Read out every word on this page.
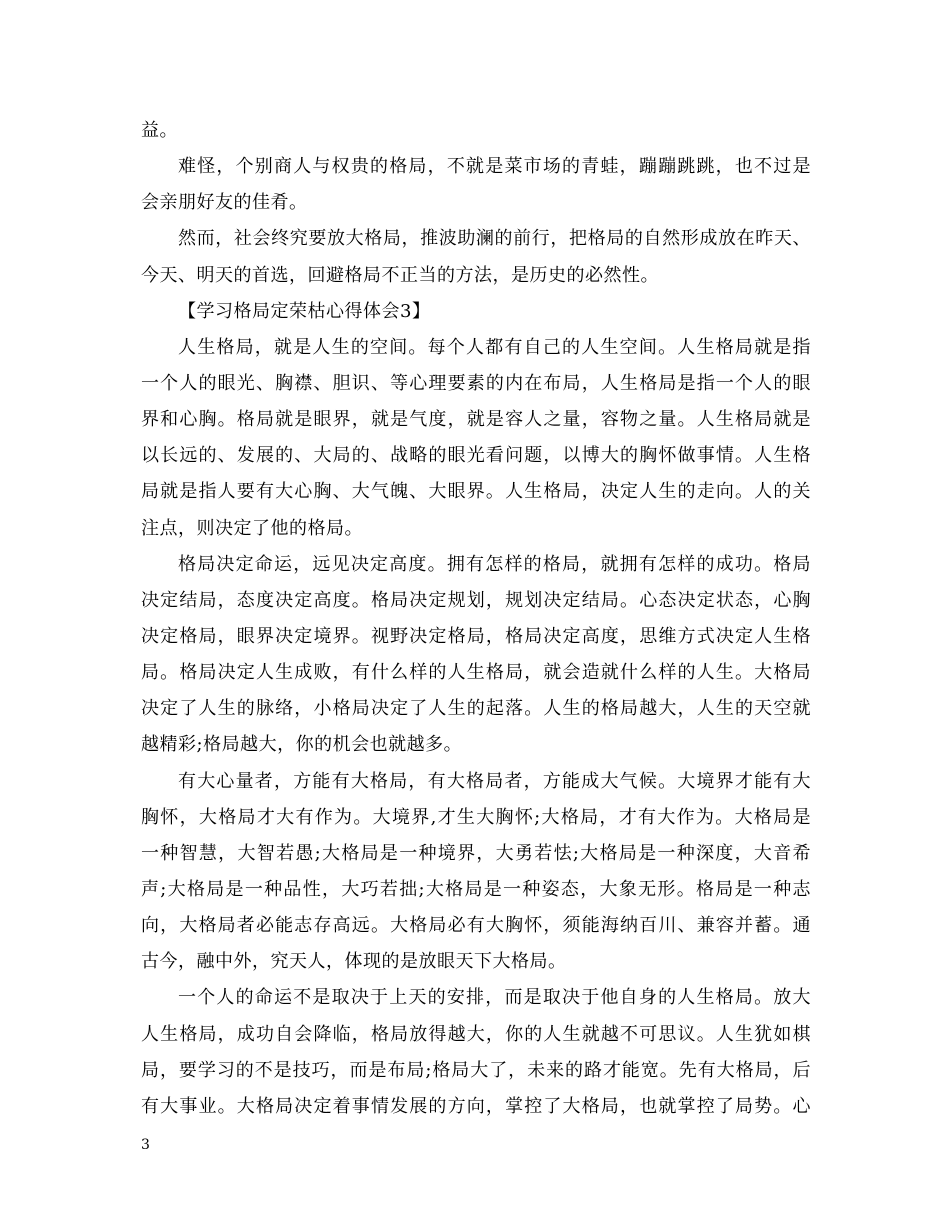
益。
难怪，个别商人与权贵的格局，不就是菜市场的青蛙，蹦蹦跳跳，也不过是
会亲朋好友的佳肴。
然而，社会终究要放大格局，推波助澜的前行，把格局的自然形成放在昨天、
今天、明天的首选，回避格局不正当的方法，是历史的必然性。
【学习格局定荣枯心得体会3】
人生格局，就是人生的空间。每个人都有自己的人生空间。人生格局就是指
一个人的眼光、胸襟、胆识、等心理要素的内在布局，人生格局是指一个人的眼
界和心胸。格局就是眼界，就是气度，就是容人之量，容物之量。人生格局就是
以长远的、发展的、大局的、战略的眼光看问题，以博大的胸怀做事情。人生格
局就是指人要有大心胸、大气魄、大眼界。人生格局，决定人生的走向。人的关
注点，则决定了他的格局。
格局决定命运，远见决定高度。拥有怎样的格局，就拥有怎样的成功。格局
决定结局，态度决定高度。格局决定规划，规划决定结局。心态决定状态，心胸
决定格局，眼界决定境界。视野决定格局，格局决定高度，思维方式决定人生格
局。格局决定人生成败，有什么样的人生格局，就会造就什么样的人生。大格局
决定了人生的脉络，小格局决定了人生的起落。人生的格局越大，人生的天空就
越精彩;格局越大，你的机会也就越多。
有大心量者，方能有大格局，有大格局者，方能成大气候。大境界才能有大
胸怀，大格局才大有作为。大境界,才生大胸怀;大格局，才有大作为。大格局是
一种智慧，大智若愚;大格局是一种境界，大勇若怯;大格局是一种深度，大音希
声;大格局是一种品性，大巧若拙;大格局是一种姿态，大象无形。格局是一种志
向，大格局者必能志存高远。大格局必有大胸怀，须能海纳百川、兼容并蓄。通
古今，融中外，究天人，体现的是放眼天下大格局。
一个人的命运不是取决于上天的安排，而是取决于他自身的人生格局。放大
人生格局，成功自会降临，格局放得越大，你的人生就越不可思议。人生犹如棋
局，要学习的不是技巧，而是布局;格局大了，未来的路才能宽。先有大格局，后
有大事业。大格局决定着事情发展的方向，掌控了大格局，也就掌控了局势。心
3
